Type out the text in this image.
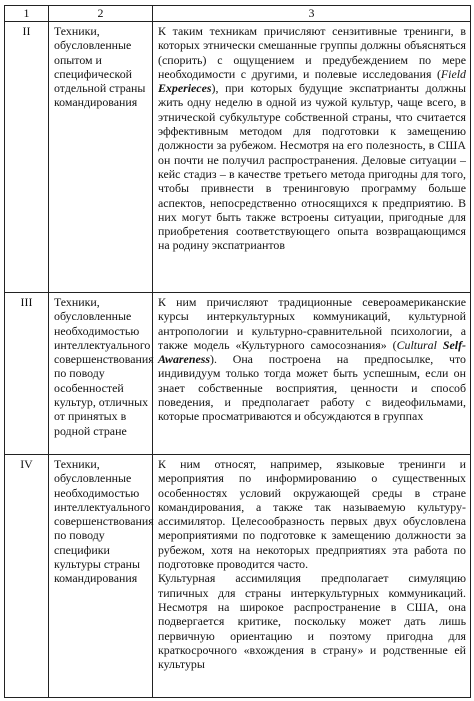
1	2	3
II	Техники, обусловленные опытом и специфической отдельной страны командирования	К таким техникам причисляют сензитивные тренинги, в которых этнически смешанные группы должны объясняться (спорить) с ощущением и предубеждением по мере необходимости с другими, и полевые исследования (Field Experieces), при которых будущие экспатрианты должны жить одну неделю в одной из чужой культур, чаще всего, в этнической субкультуре собственной страны, что считается эффективным методом для подготовки к замещению должности за рубежом. Несмотря на его полезность, в США он почти не получил распространения. Деловые ситуации – кейс стадиз – в качестве третьего метода пригодны для того, чтобы привнести в тренинговую программу больше аспектов, непосредственно относящихся к предприятию. В них могут быть также встроены ситуации, пригодные для приобретения соответствующего опыта возвращающимся на родину экспатриантов
III	Техники, обусловленные необходимостью интеллектуального совершенствования по поводу особенностей культур, отличных от принятых в родной стране	К ним причисляют традиционные североамериканские курсы интеркультурных коммуникаций, культурной антропологии и культурно-сравнительной психологии, а также модель «Культурного самосознания» (Cultural Self-Awareness). Она построена на предпосылке, что индивидуум только тогда может быть успешным, если он знает собственные восприятия, ценности и способ поведения, и предполагает работу с видеофильмами, которые просматриваются и обсуждаются в группах
IV	Техники, обусловленные необходимостью интеллектуального совершенствования по поводу специфики культуры страны командирования	К ним относят, например, языковые тренинги и мероприятия по информированию о существенных особенностях условий окружающей среды в стране командирования, а также так называемую культуру-ассимилятор. Целесообразность первых двух обусловлена мероприятиями по подготовке к замещению должности за рубежом, хотя на некоторых предприятиях эта работа по подготовке проводится часто.

Культурная ассимиляция предполагает симуляцию типичных для страны интеркультурных коммуникаций. Несмотря на широкое распространение в США, она подвергается критике, поскольку может дать лишь первичную ориентацию и поэтому пригодна для краткосрочного «вхождения в страну» и родственные ей культуры
